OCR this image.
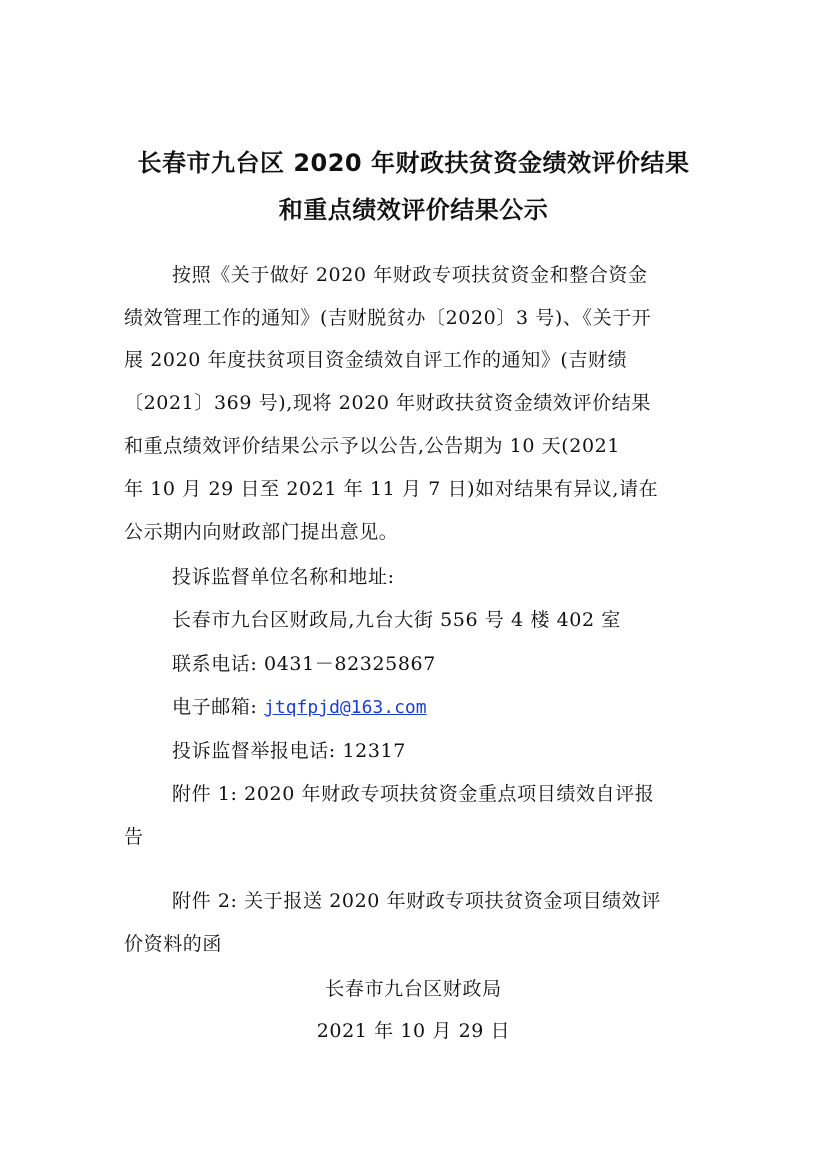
长春市九台区 2020 年财政扶贫资金绩效评价结果
和重点绩效评价结果公示
按照《关于做好 2020 年财政专项扶贫资金和整合资金
绩效管理工作的通知》(吉财脱贫办〔2020〕3 号)、《关于开
展 2020 年度扶贫项目资金绩效自评工作的通知》(吉财绩
〔2021〕369 号),现将 2020 年财政扶贫资金绩效评价结果
和重点绩效评价结果公示予以公告,公告期为 10 天(2021
年 10 月 29 日至 2021 年 11 月 7 日)如对结果有异议,请在
公示期内向财政部门提出意见。
投诉监督单位名称和地址:
长春市九台区财政局,九台大街 556 号 4 楼 402 室
联系电话: 0431－82325867
电子邮箱: jtqfpjd@163.com
投诉监督举报电话: 12317
附件 1: 2020 年财政专项扶贫资金重点项目绩效自评报
告
附件 2: 关于报送 2020 年财政专项扶贫资金项目绩效评
价资料的函
长春市九台区财政局
2021 年 10 月 29 日
